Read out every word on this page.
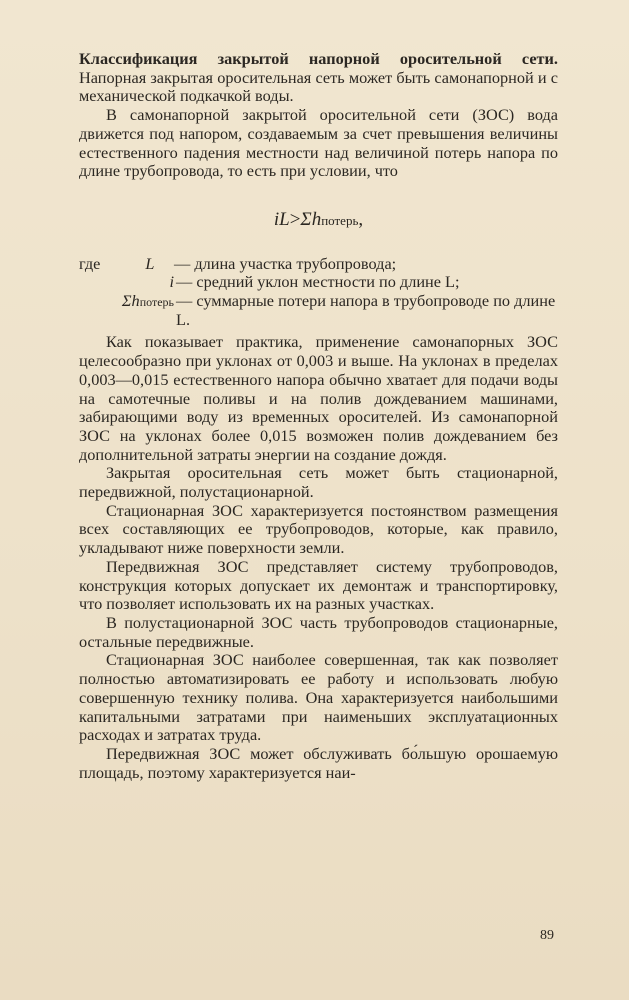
Классификация закрытой напорной оросительной сети. Напорная закрытая оросительная сеть может быть самонапорной и с механической подкачкой воды.

В самонапорной закрытой оросительной сети (ЗОС) вода движется под напором, создаваемым за счет превышения величины естественного падения местности над величиной потерь напора по длине трубопровода, то есть при условии, что

iL>Σhпотерь,
где	L	— длина участка трубопровода;
i — средний уклон местности по длине L;
Σhпотерь — суммарные потери напора в трубопроводе по длине L.

Как показывает практика, применение самонапорных ЗОС целесообразно при уклонах от 0,003 и выше. На уклонах в пределах 0,003—0,015 естественного напора обычно хватает для подачи воды на самотечные поливы и на полив дождеванием машинами, забирающими воду из временных оросителей. Из самонапорной ЗОС на уклонах более 0,015 возможен полив дождеванием без дополнительной затраты энергии на создание дождя.

Закрытая оросительная сеть может быть стационарной, передвижной, полустационарной.

Стационарная ЗОС характеризуется постоянством размещения всех составляющих ее трубопроводов, которые, как правило, укладывают ниже поверхности земли.

Передвижная ЗОС представляет систему трубопроводов, конструкция которых допускает их демонтаж и транспортировку, что позволяет использовать их на разных участках.

В полустационарной ЗОС часть трубопроводов стационарные, остальные передвижные.

Стационарная ЗОС наиболее совершенная, так как позволяет полностью автоматизировать ее работу и использовать любую совершенную технику полива. Она характеризуется наибольшими капитальными затратами при наименьших эксплуатационных расходах и затратах труда.

Передвижная ЗОС может обслуживать бо́льшую орошаемую площадь, поэтому характеризуется наи-

89
